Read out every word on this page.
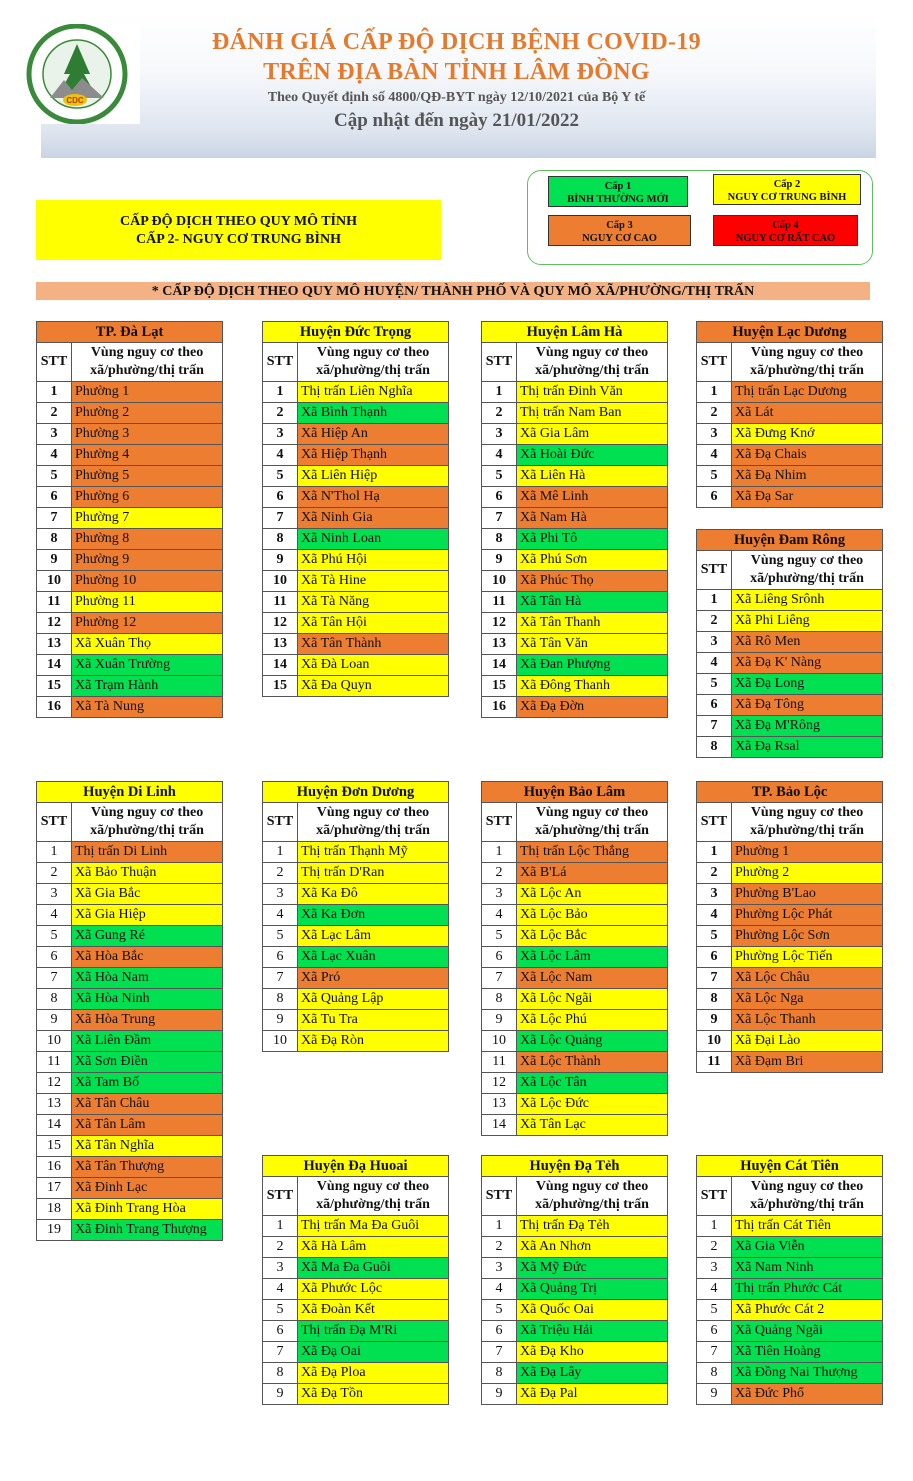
CDC
ĐÁNH GIÁ CẤP ĐỘ DỊCH BỆNH COVID-19
TRÊN ĐỊA BÀN TỈNH LÂM ĐỒNG
Theo Quyết định số 4800/QĐ-BYT ngày 12/10/2021 của Bộ Y tế
Cập nhật đến ngày 21/01/2022
Cấp 1
BÌNH THƯỜNG MỚI
Cấp 2
NGUY CƠ TRUNG BÌNH
Cấp 3
NGUY CƠ CAO
Cấp 4
NGUY CƠ RẤT CAO
CẤP ĐỘ DỊCH THEO QUY MÔ TỈNH
CẤP 2- NGUY CƠ TRUNG BÌNH
* CẤP ĐỘ DỊCH THEO QUY MÔ HUYỆN/ THÀNH PHỐ VÀ QUY MÔ XÃ/PHƯỜNG/THỊ TRẤN
TP. Đà Lạt	
STT	Vùng nguy cơ theo
xã/phường/thị trấn

1	Phường 1
2	Phường 2
3	Phường 3
4	Phường 4
5	Phường 5
6	Phường 6
7	Phường 7
8	Phường 8
9	Phường 9
10	Phường 10
11	Phường 11
12	Phường 12
13	Xã Xuân Thọ
14	Xã Xuân Trường
15	Xã Trạm Hành
16	Xã Tà Nung
Huyện Đức Trọng	
STT	Vùng nguy cơ theo
xã/phường/thị trấn

1	Thị trấn Liên Nghĩa
2	Xã Bình Thạnh
3	Xã Hiệp An
4	Xã Hiệp Thạnh
5	Xã Liên Hiệp
6	Xã N'Thol Hạ
7	Xã Ninh Gia
8	Xã Ninh Loan
9	Xã Phú Hội
10	Xã Tà Hine
11	Xã Tà Năng
12	Xã Tân Hội
13	Xã Tân Thành
14	Xã Đà Loan
15	Xã Đa Quyn
Huyện Lâm Hà	
STT	Vùng nguy cơ theo
xã/phường/thị trấn

1	Thị trấn Đinh Văn
2	Thị trấn Nam Ban
3	Xã Gia Lâm
4	Xã Hoài Đức
5	Xã Liên Hà
6	Xã Mê Linh
7	Xã Nam Hà
8	Xã Phi Tô
9	Xã Phú Sơn
10	Xã Phúc Thọ
11	Xã Tân Hà
12	Xã Tân Thanh
13	Xã Tân Văn
14	Xã Đan Phượng
15	Xã Đông Thanh
16	Xã Đạ Đờn
Huyện Lạc Dương	
STT	Vùng nguy cơ theo
xã/phường/thị trấn

1	Thị trấn Lạc Dương
2	Xã Lát
3	Xã Đưng Knớ
4	Xã Đạ Chais
5	Xã Đạ Nhim
6	Xã Đạ Sar
Huyện Đam Rông	
STT	Vùng nguy cơ theo
xã/phường/thị trấn

1	Xã Liêng Srônh
2	Xã Phi Liêng
3	Xã Rô Men
4	Xã Đạ K' Nàng
5	Xã Đạ Long
6	Xã Đạ Tông
7	Xã Đạ M'Rông
8	Xã Đạ Rsal
Huyện Di Linh	
STT	Vùng nguy cơ theo
xã/phường/thị trấn

1	Thị trấn Di Linh
2	Xã Bảo Thuận
3	Xã Gia Bắc
4	Xã Gia Hiệp
5	Xã Gung Ré
6	Xã Hòa Bắc
7	Xã Hòa Nam
8	Xã Hòa Ninh
9	Xã Hòa Trung
10	Xã Liên Đầm
11	Xã Sơn Điền
12	Xã Tam Bố
13	Xã Tân Châu
14	Xã Tân Lâm
15	Xã Tân Nghĩa
16	Xã Tân Thượng
17	Xã Đinh Lạc
18	Xã Đinh Trang Hòa
19	Xã Đinh Trang Thượng
Huyện Đơn Dương	
STT	Vùng nguy cơ theo
xã/phường/thị trấn

1	Thị trấn Thạnh Mỹ
2	Thị trấn D'Ran
3	Xã Ka Đô
4	Xã Ka Đơn
5	Xã Lạc Lâm
6	Xã Lạc Xuân
7	Xã Pró
8	Xã Quảng Lập
9	Xã Tu Tra
10	Xã Đạ Ròn
Huyện Bảo Lâm	
STT	Vùng nguy cơ theo
xã/phường/thị trấn

1	Thị trấn Lộc Thắng
2	Xã B'Lá
3	Xã Lộc An
4	Xã Lộc Bảo
5	Xã Lộc Bắc
6	Xã Lộc Lâm
7	Xã Lộc Nam
8	Xã Lộc Ngãi
9	Xã Lộc Phú
10	Xã Lộc Quảng
11	Xã Lộc Thành
12	Xã Lộc Tân
13	Xã Lộc Đức
14	Xã Tân Lạc
TP. Bảo Lộc	
STT	Vùng nguy cơ theo
xã/phường/thị trấn

1	Phường 1
2	Phường 2
3	Phường B'Lao
4	Phường Lộc Phát
5	Phường Lộc Sơn
6	Phường Lộc Tiến
7	Xã Lộc Châu
8	Xã Lộc Nga
9	Xã Lộc Thanh
10	Xã Đại Lào
11	Xã Đạm Bri
Huyện Đạ Huoai	
STT	Vùng nguy cơ theo
xã/phường/thị trấn

1	Thị trấn Ma Đa Guôi
2	Xã Hà Lâm
3	Xã Ma Đa Guôi
4	Xã Phước Lộc
5	Xã Đoàn Kết
6	Thị trấn Đạ M'Ri
7	Xã Đạ Oai
8	Xã Đạ Ploa
9	Xã Đạ Tồn
Huyện Đạ Tẻh	
STT	Vùng nguy cơ theo
xã/phường/thị trấn

1	Thị trấn Đạ Tẻh
2	Xã An Nhơn
3	Xã Mỹ Đức
4	Xã Quảng Trị
5	Xã Quốc Oai
6	Xã Triệu Hải
7	Xã Đạ Kho
8	Xã Đạ Lây
9	Xã Đạ Pal
Huyện Cát Tiên	
STT	Vùng nguy cơ theo
xã/phường/thị trấn

1	Thị trấn Cát Tiên
2	Xã Gia Viễn
3	Xã Nam Ninh
4	Thị trấn Phước Cát
5	Xã Phước Cát 2
6	Xã Quảng Ngãi
7	Xã Tiên Hoàng
8	Xã Đồng Nai Thượng
9	Xã Đức Phổ
